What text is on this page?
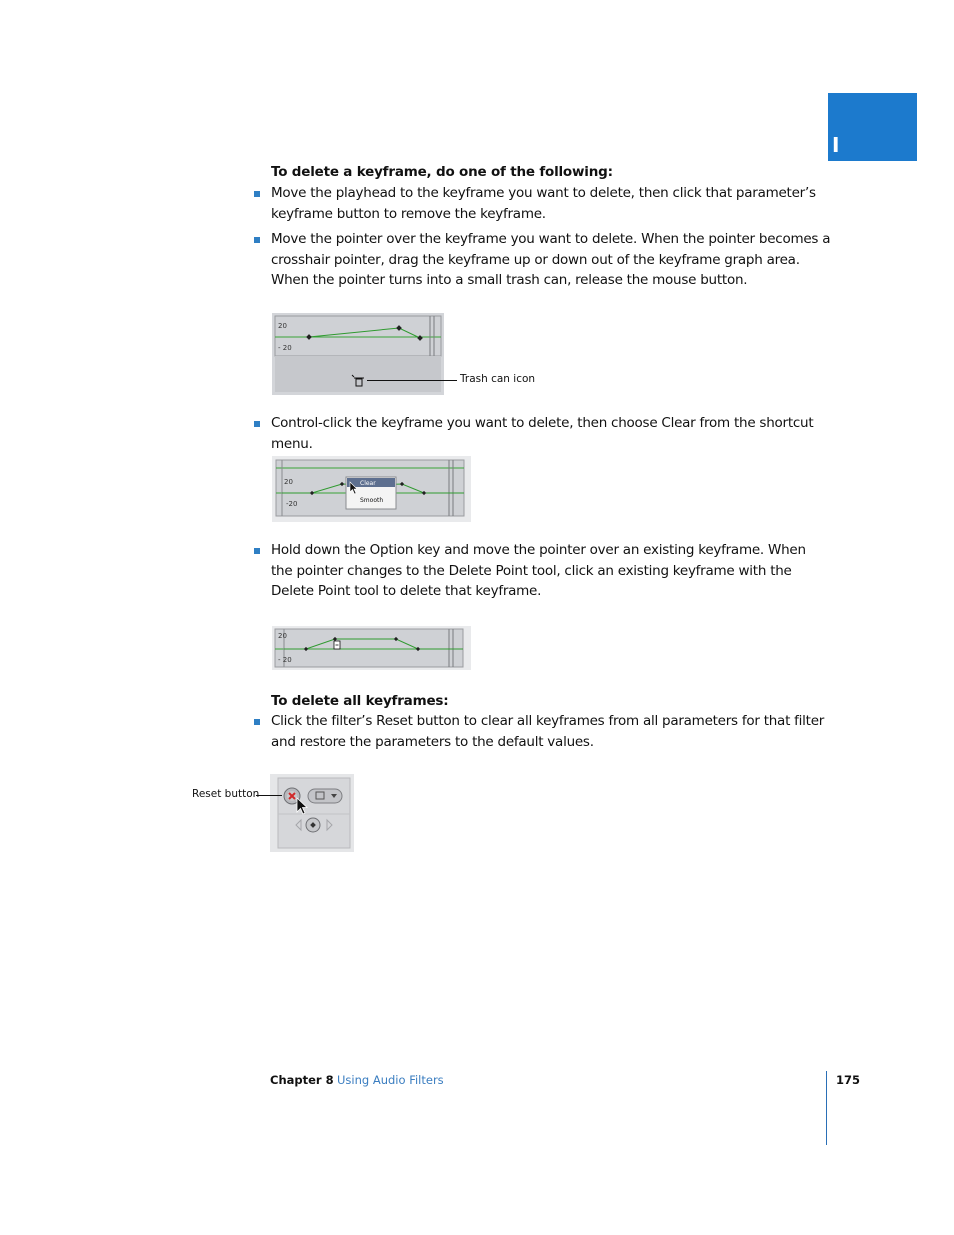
I
To delete a keyframe, do one of the following:
Move the playhead to the keyframe you want to delete, then click that parameter’s keyframe button to remove the keyframe.
Move the pointer over the keyframe you want to delete. When the pointer becomes a crosshair pointer, drag the keyframe up or down out of the keyframe graph area. When the pointer turns into a small trash can, release the mouse button.
20
- 20
Trash can icon
Control-click the keyframe you want to delete, then choose Clear from the shortcut menu.
Clear
Smooth
20
-20
Hold down the Option key and move the pointer over an existing keyframe. When the pointer changes to the Delete Point tool, click an existing keyframe with the Delete Point tool to delete that keyframe.
20
- 20
To delete all keyframes:
Click the filter’s Reset button to clear all keyframes from all parameters for that filter and restore the parameters to the default values.
Reset button
Chapter 8 Using Audio Filters	175
